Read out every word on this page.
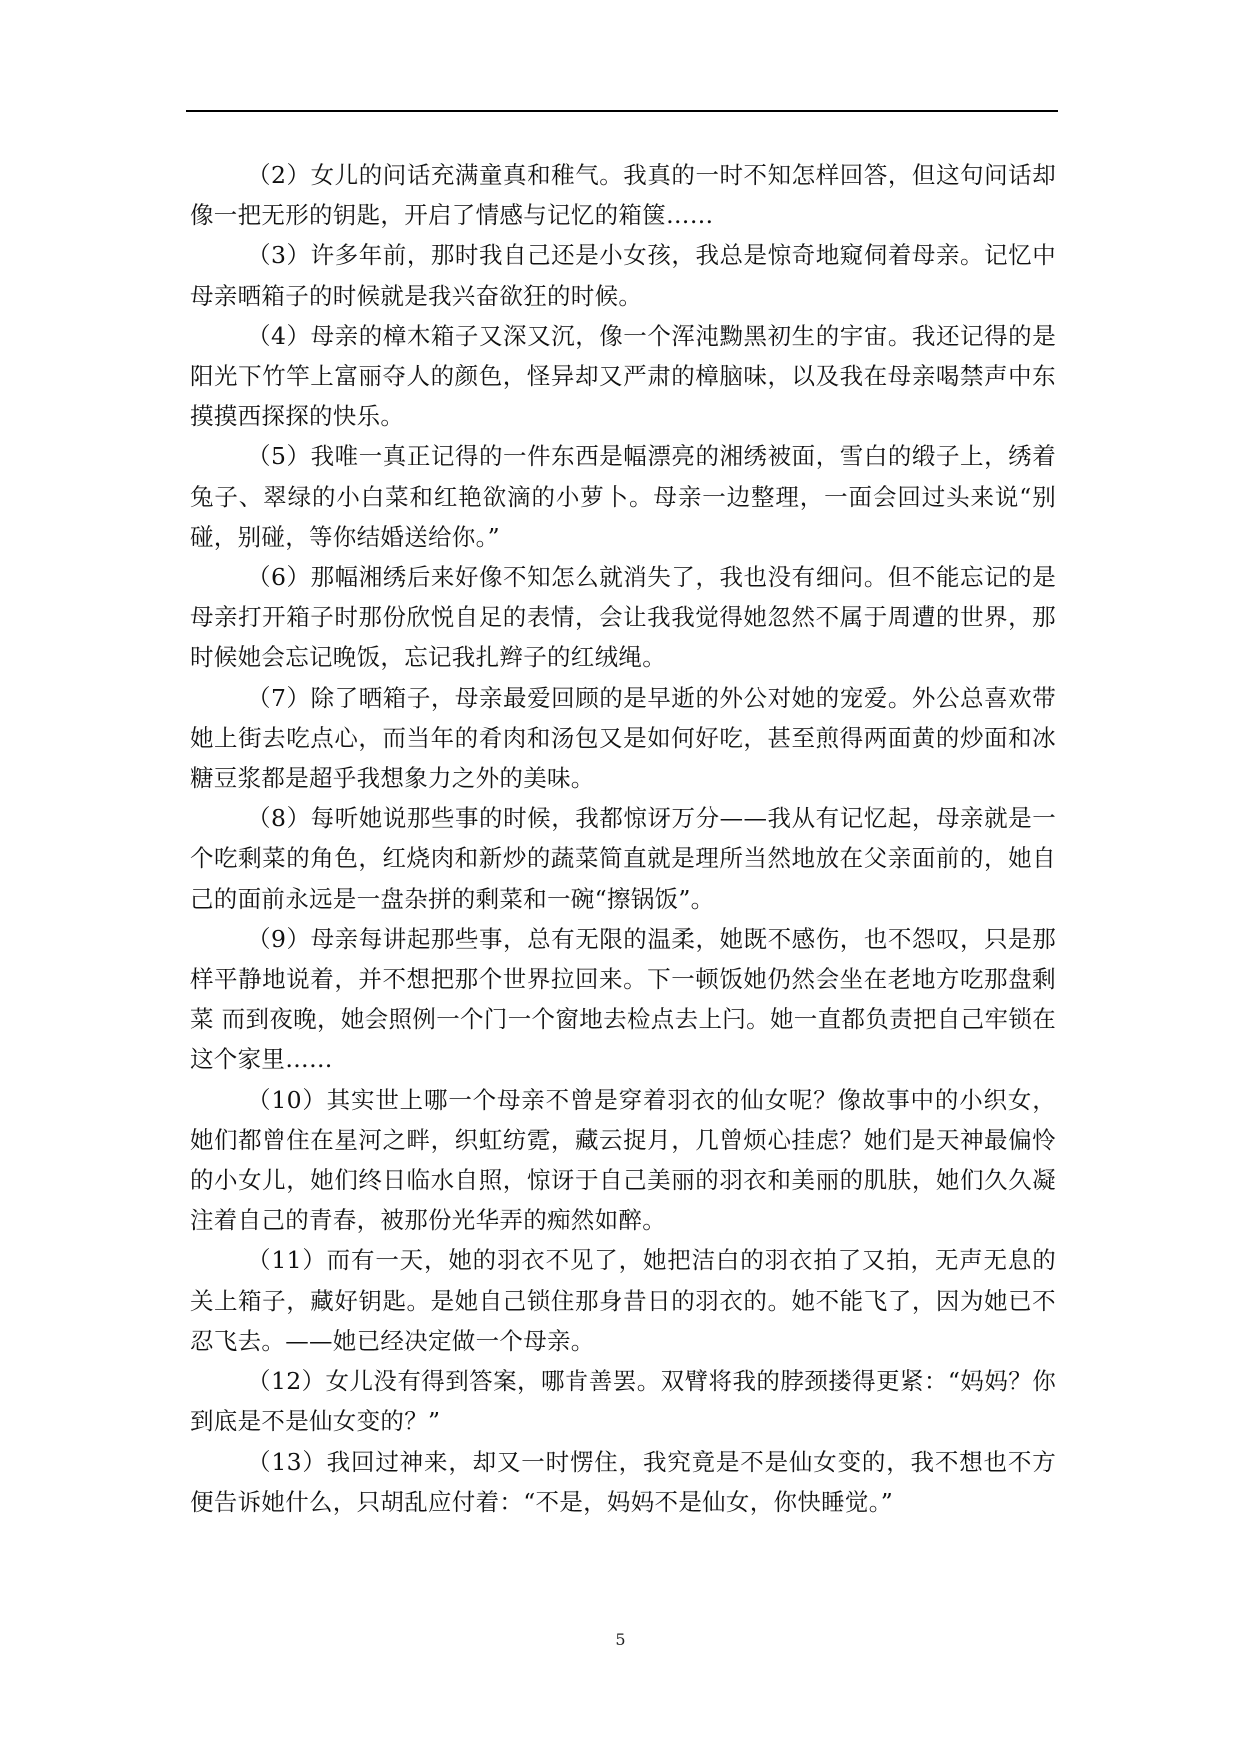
（2）女儿的问话充满童真和稚气。我真的一时不知怎样回答，但这句问话却像一把无形的钥匙，开启了情感与记忆的箱箧……

（3）许多年前，那时我自己还是小女孩，我总是惊奇地窥伺着母亲。记忆中母亲晒箱子的时候就是我兴奋欲狂的时候。

（4）母亲的樟木箱子又深又沉，像一个浑沌黝黑初生的宇宙。我还记得的是阳光下竹竿上富丽夺人的颜色，怪异却又严肃的樟脑味，以及我在母亲喝禁声中东摸摸西探探的快乐。

（5）我唯一真正记得的一件东西是幅漂亮的湘绣被面，雪白的缎子上，绣着兔子、翠绿的小白菜和红艳欲滴的小萝卜。母亲一边整理，一面会回过头来说“别碰，别碰，等你结婚送给你。”

（6）那幅湘绣后来好像不知怎么就消失了，我也没有细问。但不能忘记的是母亲打开箱子时那份欣悦自足的表情，会让我我觉得她忽然不属于周遭的世界，那时候她会忘记晚饭，忘记我扎辫子的红绒绳。

（7）除了晒箱子，母亲最爱回顾的是早逝的外公对她的宠爱。外公总喜欢带她上街去吃点心，而当年的肴肉和汤包又是如何好吃，甚至煎得两面黄的炒面和冰糖豆浆都是超乎我想象力之外的美味。

（8）每听她说那些事的时候，我都惊讶万分——我从有记忆起，母亲就是一个吃剩菜的角色，红烧肉和新炒的蔬菜简直就是理所当然地放在父亲面前的，她自己的面前永远是一盘杂拼的剩菜和一碗“擦锅饭”。

（9）母亲每讲起那些事，总有无限的温柔，她既不感伤，也不怨叹，只是那样平静地说着，并不想把那个世界拉回来。下一顿饭她仍然会坐在老地方吃那盘剩菜 而到夜晚，她会照例一个门一个窗地去检点去上闩。她一直都负责把自己牢锁在这个家里……

（10）其实世上哪一个母亲不曾是穿着羽衣的仙女呢？像故事中的小织女，她们都曾住在星河之畔，织虹纺霓，藏云捉月，几曾烦心挂虑？她们是天神最偏怜的小女儿，她们终日临水自照，惊讶于自己美丽的羽衣和美丽的肌肤，她们久久凝注着自己的青春，被那份光华弄的痴然如醉。

（11）而有一天，她的羽衣不见了，她把洁白的羽衣拍了又拍，无声无息的关上箱子，藏好钥匙。是她自己锁住那身昔日的羽衣的。她不能飞了，因为她已不忍飞去。——她已经决定做一个母亲。

（12）女儿没有得到答案，哪肯善罢。双臂将我的脖颈搂得更紧：“妈妈？你到底是不是仙女变的？”

（13）我回过神来，却又一时愣住，我究竟是不是仙女变的，我不想也不方便告诉她什么，只胡乱应付着：“不是，妈妈不是仙女，你快睡觉。”

5
